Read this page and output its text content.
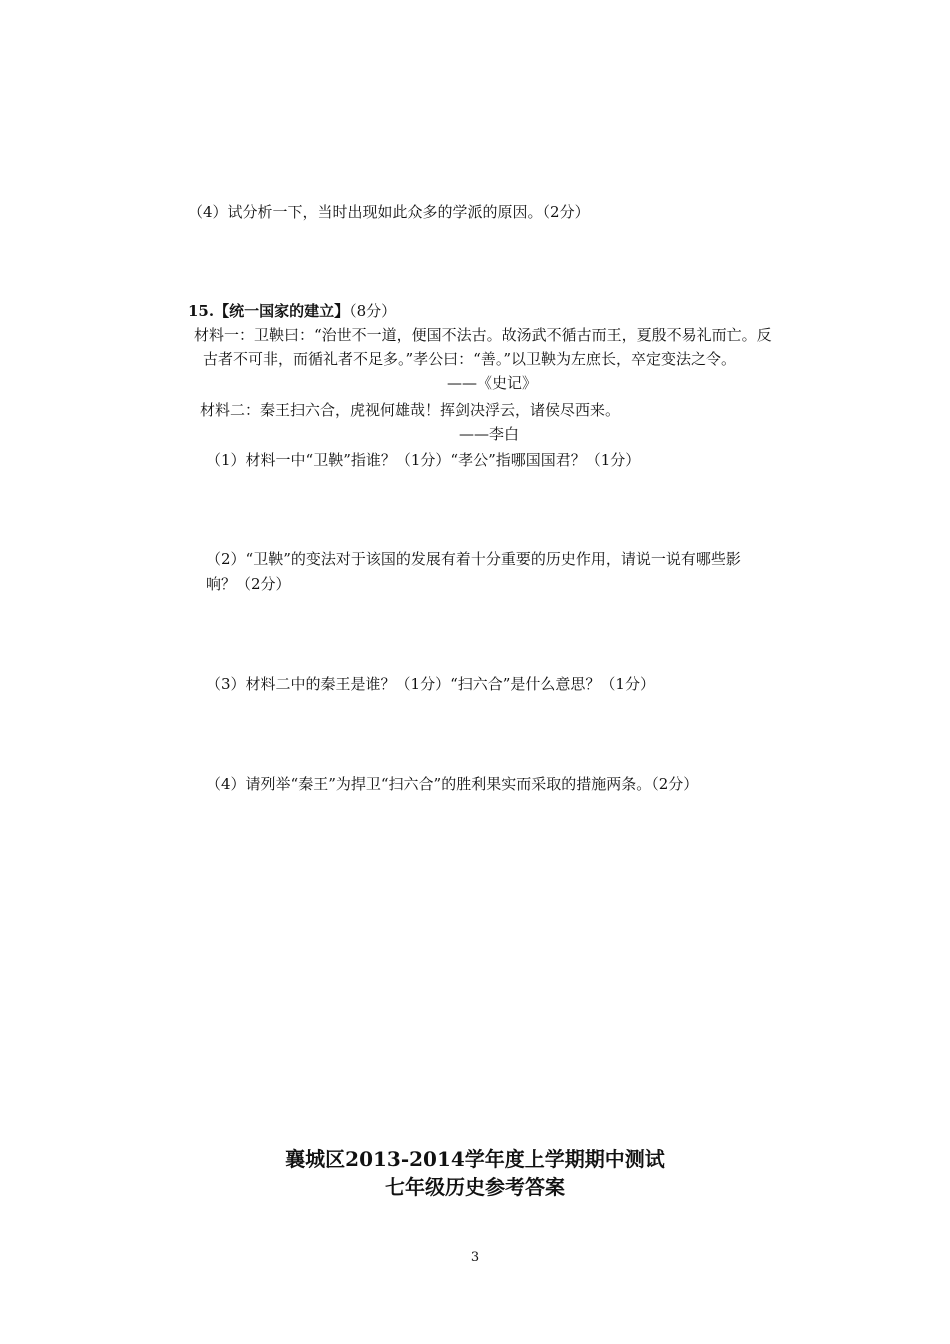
（4）试分析一下，当时出现如此众多的学派的原因。（2分）
15.【统一国家的建立】（8分）
材料一：卫鞅曰：“治世不一道，便国不法古。故汤武不循古而王，夏殷不易礼而亡。反
古者不可非，而循礼者不足多。”孝公曰：“善。”以卫鞅为左庶长，卒定变法之令。
——《史记》
材料二：秦王扫六合，虎视何雄哉！挥剑决浮云，诸侯尽西来。
——李白
（1）材料一中“卫鞅”指谁？（1分）“孝公”指哪国国君？（1分）
（2）“卫鞅”的变法对于该国的发展有着十分重要的历史作用，请说一说有哪些影
响？（2分）
（3）材料二中的秦王是谁？（1分）“扫六合”是什么意思？（1分）
（4）请列举“秦王”为捍卫“扫六合”的胜利果实而采取的措施两条。（2分）
襄城区2013-2014学年度上学期期中测试
七年级历史参考答案
3
